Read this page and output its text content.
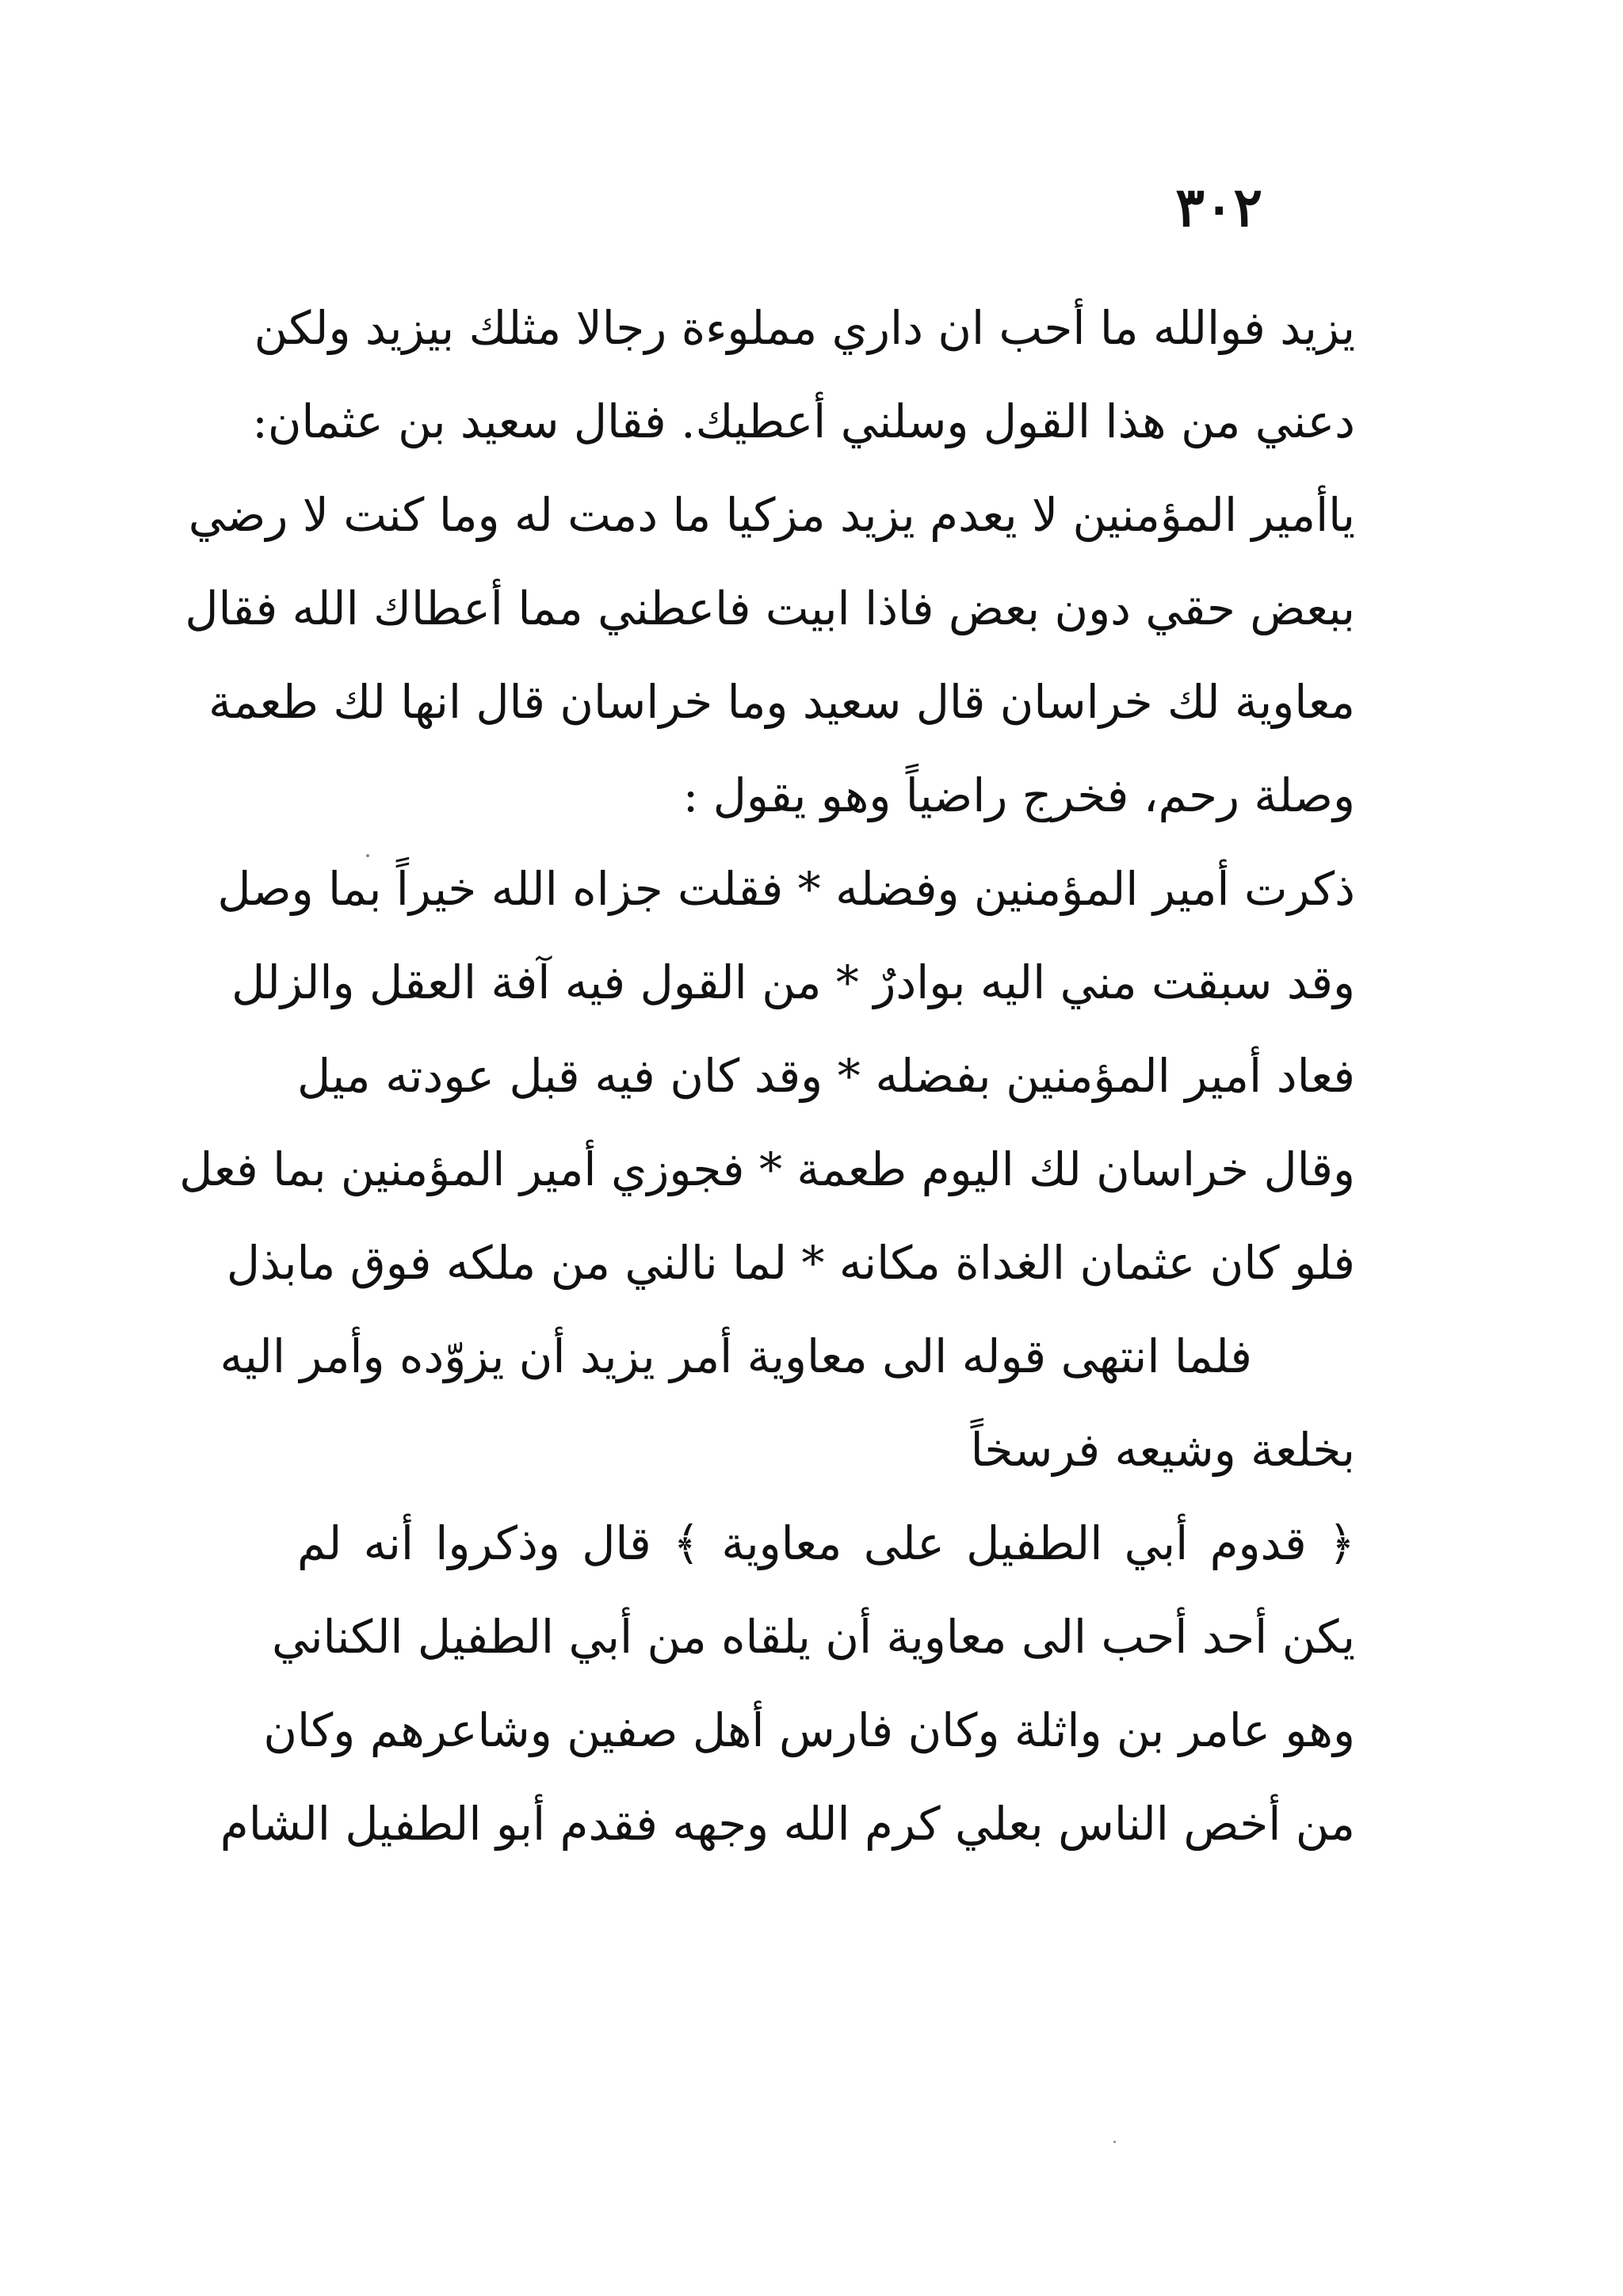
٣٠٢
يزيد فوالله ما أحب ان داري مملوءة رجالا مثلك بيزيد ولكن
دعني من هذا القول وسلني أعطيك. فقال سعيد بن عثمان:
ياأمير المؤمنين لا يعدم يزيد مزكيا ما دمت له وما كنت لا رضي
ببعض حقي دون بعض فاذا ابيت فاعطني مما أعطاك الله فقال
معاوية لك خراسان قال سعيد وما خراسان قال انها لك طعمة
وصلة رحم، فخرج راضياً وهو يقول :
ذكرت أمير المؤمنين وفضله * فقلت جزاه الله خيراً بما وصل
وقد سبقت مني اليه بوادرٌ * من القول فيه آفة العقل والزلل
فعاد أمير المؤمنين بفضله * وقد كان فيه قبل عودته ميل
وقال خراسان لك اليوم طعمة * فجوزي أمير المؤمنين بما فعل
فلو كان عثمان الغداة مكانه * لما نالني من ملكه فوق مابذل
فلما انتهى قوله الى معاوية أمر يزيد أن يزوّده وأمر اليه
بخلعة وشيعه فرسخاً
﴿ قدوم أبي الطفيل على معاوية ﴾ قال وذكروا أنه لم
يكن أحد أحب الى معاوية أن يلقاه من أبي الطفيل الكناني
وهو عامر بن واثلة وكان فارس أهل صفين وشاعرهم وكان
من أخص الناس بعلي كرم الله وجهه فقدم أبو الطفيل الشام
